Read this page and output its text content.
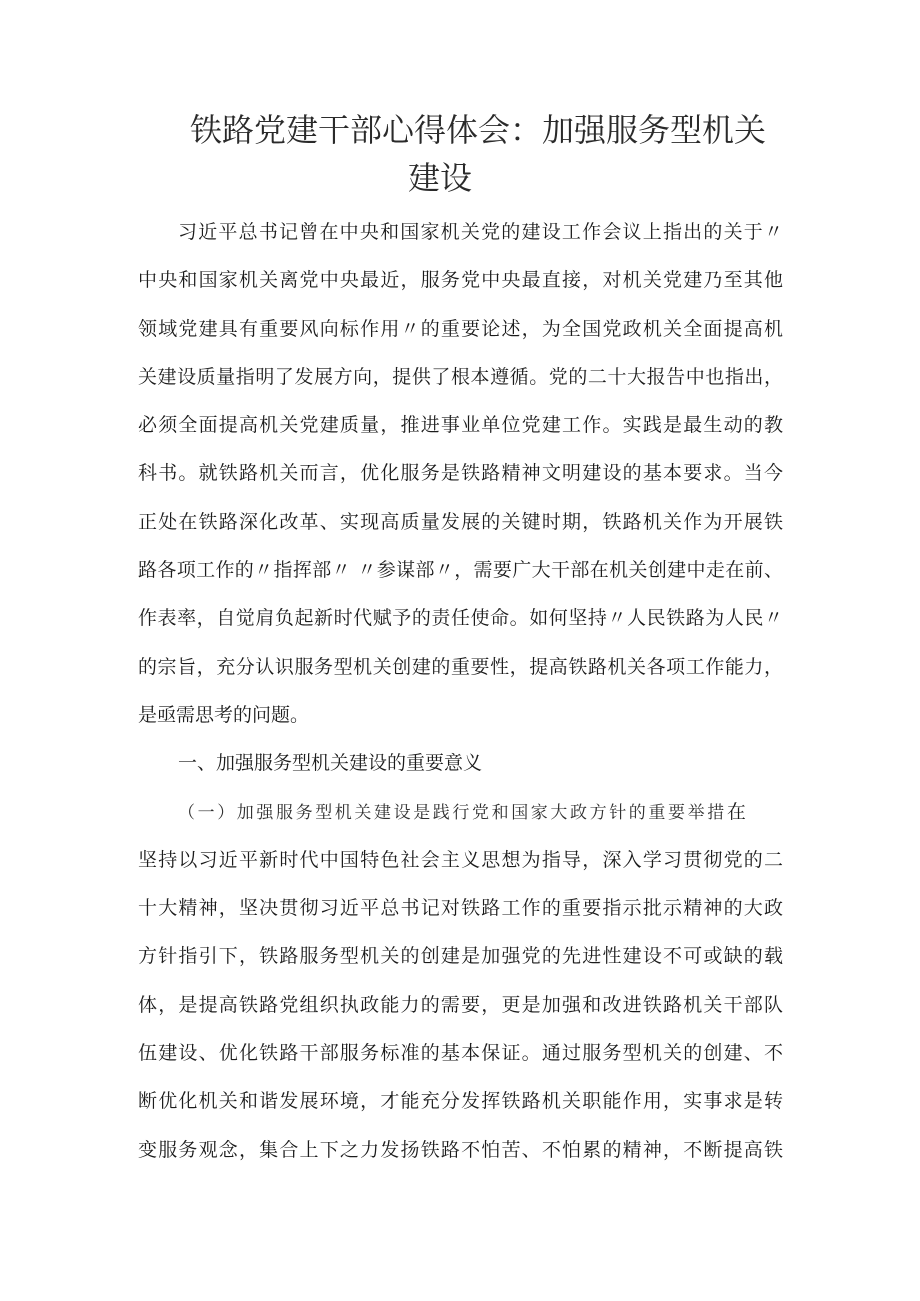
铁路党建干部心得体会：加强服务型机关
建设
习近平总书记曾在中央和国家机关党的建设工作会议上指出的关于〃
中央和国家机关离党中央最近，服务党中央最直接，对机关党建乃至其他
领域党建具有重要风向标作用〃的重要论述，为全国党政机关全面提高机
关建设质量指明了发展方向，提供了根本遵循。党的二十大报告中也指出，
必须全面提高机关党建质量，推进事业单位党建工作。实践是最生动的教
科书。就铁路机关而言，优化服务是铁路精神文明建设的基本要求。当今
正处在铁路深化改革、实现高质量发展的关键时期，铁路机关作为开展铁
路各项工作的〃指挥部〃 〃参谋部〃，需要广大干部在机关创建中走在前、
作表率，自觉肩负起新时代赋予的责任使命。如何坚持〃人民铁路为人民〃
的宗旨，充分认识服务型机关创建的重要性，提高铁路机关各项工作能力，
是亟需思考的问题。
一、加强服务型机关建设的重要意义
（一）加强服务型机关建设是践行党和国家大政方针的重要举措在
坚持以习近平新时代中国特色社会主义思想为指导，深入学习贯彻党的二
十大精神，坚决贯彻习近平总书记对铁路工作的重要指示批示精神的大政
方针指引下，铁路服务型机关的创建是加强党的先进性建设不可或缺的载
体，是提高铁路党组织执政能力的需要，更是加强和改进铁路机关干部队
伍建设、优化铁路干部服务标准的基本保证。通过服务型机关的创建、不
断优化机关和谐发展环境，才能充分发挥铁路机关职能作用，实事求是转
变服务观念，集合上下之力发扬铁路不怕苦、不怕累的精神，不断提高铁
